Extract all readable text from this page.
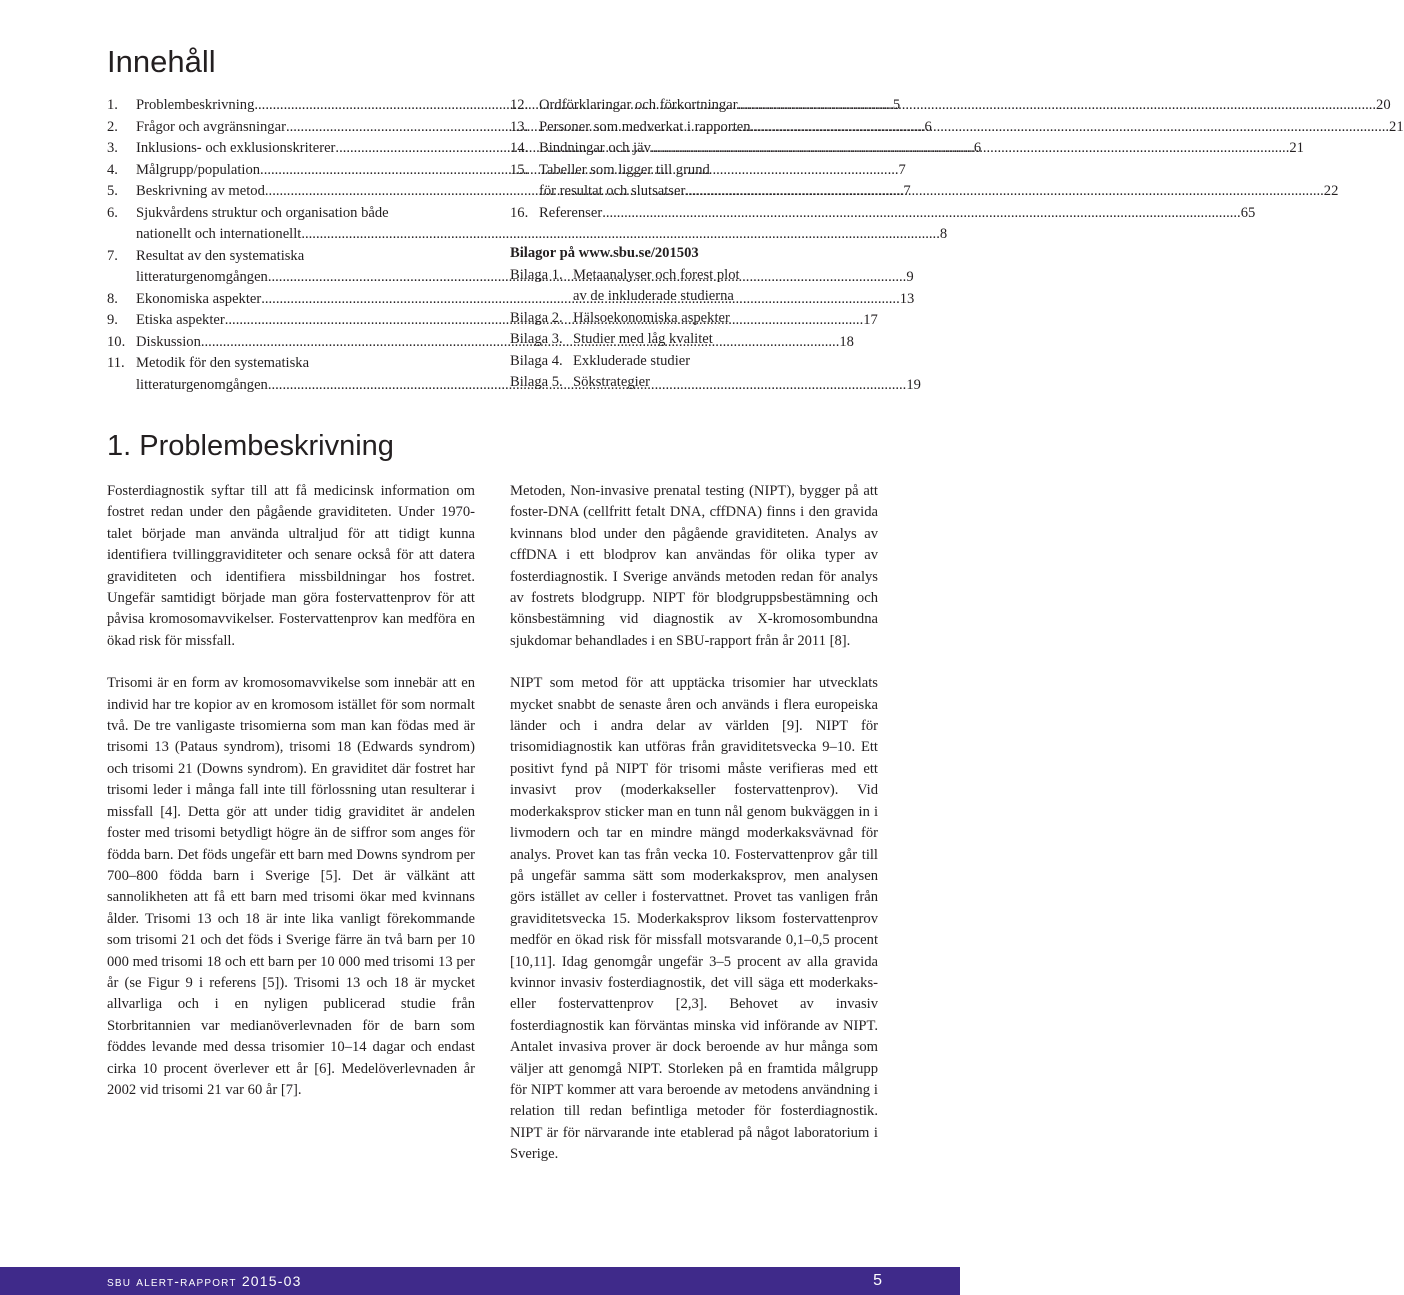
Innehåll
1.	Problembeskrivning .....	5
2.	Frågor och avgränsningar .....	6
3.	Inklusions- och exklusionskriterer .....	6
4.	Målgrupp/population .....	7
5.	Beskrivning av metod .....	7
6.	Sjukvårdens struktur och organisation både
nationellt och internationellt .....	8
7.	Resultat av den systematiska
litteraturgenomgången .....	9
8.	Ekonomiska aspekter .....	13
9.	Etiska aspekter .....	17
10. Diskussion .....	18
11. Metodik för den systematiska
litteraturgenomgången .....	19
12. Ordförklaringar och förkortningar .....	20
13. Personer som medverkat i rapporten .....	21
14. Bindningar och jäv .....	21
15. Tabeller som ligger till grund
för resultat och slutsatser .....	22
16. Referenser .....	65
Bilagor på www.sbu.se/201503
Bilaga 1. Metaanalyser och forest plot
av de inkluderade studierna
Bilaga 2. Hälsoekonomiska aspekter
Bilaga 3. Studier med låg kvalitet
Bilaga 4. Exkluderade studier
Bilaga 5. Sökstrategier
1. Problembeskrivning

Fosterdiagnostik syftar till att få medicinsk information om fostret redan under den pågående graviditeten. Under 1970-talet började man använda ultraljud för att tidigt kunna identifiera tvillinggraviditeter och senare också för att datera graviditeten och identifiera missbildningar hos fostret. Ungefär samtidigt började man göra fostervattenprov för att påvisa kromosomavvikelser. Fostervattenprov kan medföra en ökad risk för missfall.

Trisomi är en form av kromosomavvikelse som innebär att en individ har tre kopior av en kromosom istället för som normalt två. De tre vanligaste trisomierna som man kan födas med är trisomi 13 (Pataus syndrom), trisomi 18 (Edwards syndrom) och trisomi 21 (Downs syndrom). En graviditet där fostret har trisomi leder i många fall inte till förlossning utan resulterar i missfall [4]. Detta gör att under tidig graviditet är andelen foster med trisomi betydligt högre än de siffror som anges för födda barn. Det föds ungefär ett barn med Downs syndrom per 700–800 födda barn i Sverige [5]. Det är välkänt att sannolikheten att få ett barn med trisomi ökar med kvinnans ålder. Trisomi 13 och 18 är inte lika vanligt förekommande som trisomi 21 och det föds i Sverige färre än två barn per 10 000 med trisomi 18 och ett barn per 10 000 med trisomi 13 per år (se Figur 9 i referens [5]). Trisomi 13 och 18 är mycket allvarliga och i en nyligen publicerad studie från Storbritannien var medianöverlevnaden för de barn som föddes levande med dessa trisomier 10–14 dagar och endast cirka 10 procent överlever ett år [6]. Medelöverlevnaden år 2002 vid trisomi 21 var 60 år [7].

Metoden, Non-invasive prenatal testing (NIPT), bygger på att foster-DNA (cellfritt fetalt DNA, cffDNA) finns i den gravida kvinnans blod under den pågående graviditeten. Analys av cffDNA i ett blodprov kan användas för olika typer av fosterdiagnostik. I Sverige används metoden redan för analys av fostrets blodgrupp. NIPT för blodgruppsbestämning och könsbestämning vid diagnostik av X-kromosombundna sjukdomar behandlades i en SBU-rapport från år 2011 [8].

NIPT som metod för att upptäcka trisomier har utvecklats mycket snabbt de senaste åren och används i flera europeiska länder och i andra delar av världen [9]. NIPT för trisomidiagnostik kan utföras från graviditetsvecka 9–10. Ett positivt fynd på NIPT för trisomi måste verifieras med ett invasivt prov (moderkakseller fostervattenprov). Vid moderkaksprov sticker man en tunn nål genom bukväggen in i livmodern och tar en mindre mängd moderkaksvävnad för analys. Provet kan tas från vecka 10. Fostervattenprov går till på ungefär samma sätt som moderkaksprov, men analysen görs istället av celler i fostervattnet. Provet tas vanligen från graviditetsvecka 15. Moderkaksprov liksom fostervattenprov medför en ökad risk för missfall motsvarande 0,1–0,5 procent [10,11]. Idag genomgår ungefär 3–5 procent av alla gravida kvinnor invasiv fosterdiagnostik, det vill säga ett moderkaks- eller fostervattenprov [2,3]. Behovet av invasiv fosterdiagnostik kan förväntas minska vid införande av NIPT. Antalet invasiva prover är dock beroende av hur många som väljer att genomgå NIPT. Storleken på en framtida målgrupp för NIPT kommer att vara beroende av metodens användning i relation till redan befintliga metoder för fosterdiagnostik. NIPT är för närvarande inte etablerad på något laboratorium i Sverige.

sbu alert-rapport 2015-03	5
